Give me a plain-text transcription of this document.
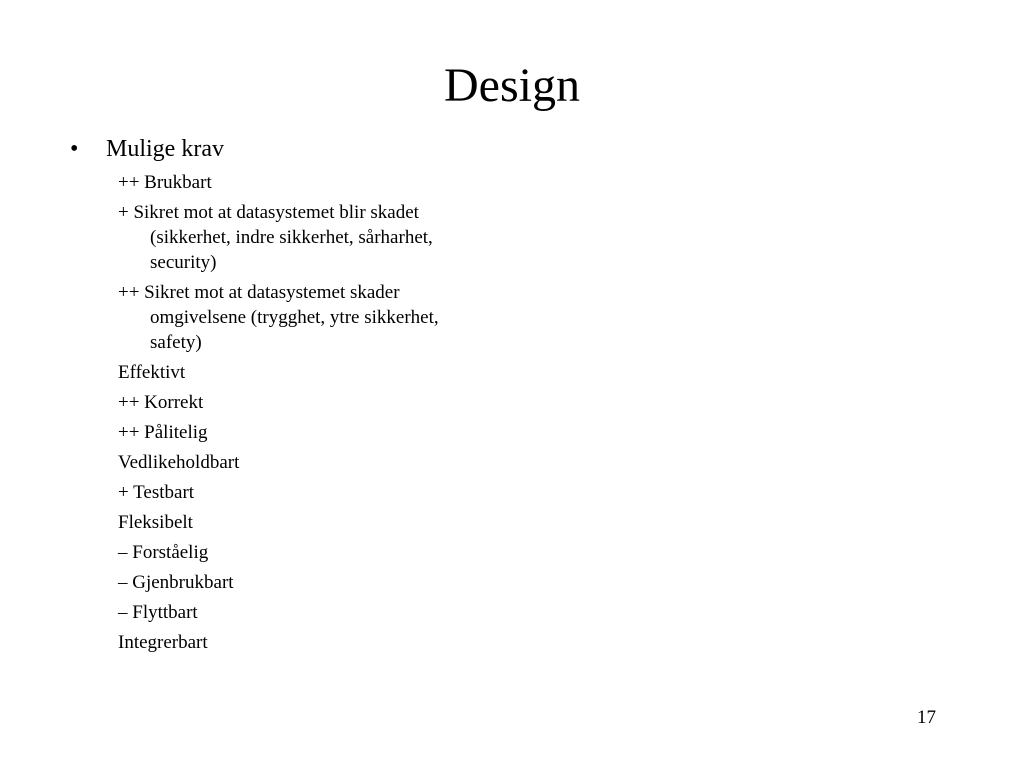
Design
• Mulige krav
++ Brukbart
+ Sikret mot at datasystemet blir skadet (sikkerhet, indre sikkerhet, sårharhet, security)
++ Sikret mot at datasystemet skader omgivelsene (trygghet, ytre sikkerhet, safety)
Effektivt
++ Korrekt
++ Pålitelig
Vedlikeholdbart
+ Testbart
Fleksibelt
– Forståelig
– Gjenbrukbart
– Flyttbart
Integrerbart
17
